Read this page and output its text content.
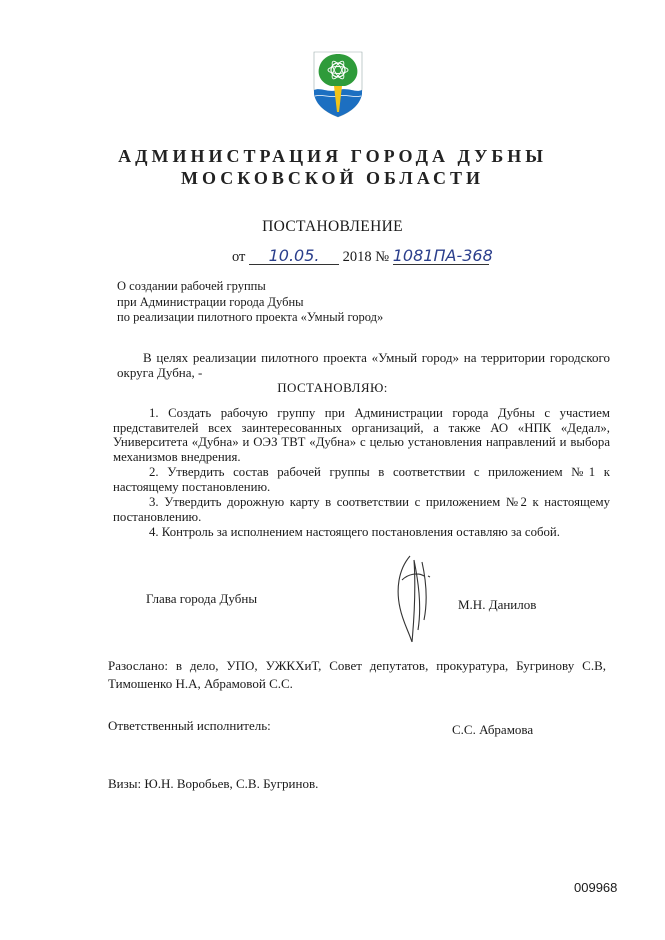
АДМИНИСТРАЦИЯ ГОРОДА ДУБНЫ
МОСКОВСКОЙ ОБЛАСТИ
ПОСТАНОВЛЕНИЕ
от 10.05. 2018 № 1081ПА-368
О создании рабочей группы
при Администрации города Дубны
по реализации пилотного проекта «Умный город»
В целях реализации пилотного проекта «Умный город» на территории городского округа Дубна, -
ПОСТАНОВЛЯЮ:

1. Создать рабочую группу при Администрации города Дубны с участием представителей всех заинтересованных организаций, а также АО «НПК «Дедал», Университета «Дубна» и ОЭЗ ТВТ «Дубна» с целью установления направлений и выбора механизмов внедрения.

2. Утвердить состав рабочей группы в соответствии с приложением №1 к настоящему постановлению.

3. Утвердить дорожную карту в соответствии с приложением №2 к настоящему постановлению.

4. Контроль за исполнением настоящего постановления оставляю за собой.

Глава города Дубны	М.Н. Данилов
Разослано: в дело, УПО, УЖКХиТ, Совет депутатов, прокуратура, Бугринову С.В, Тимошенко Н.А, Абрамовой С.С.
Ответственный исполнитель:	С.С. Абрамова
Визы: Ю.Н. Воробьев, С.В. Бугринов.
009968
